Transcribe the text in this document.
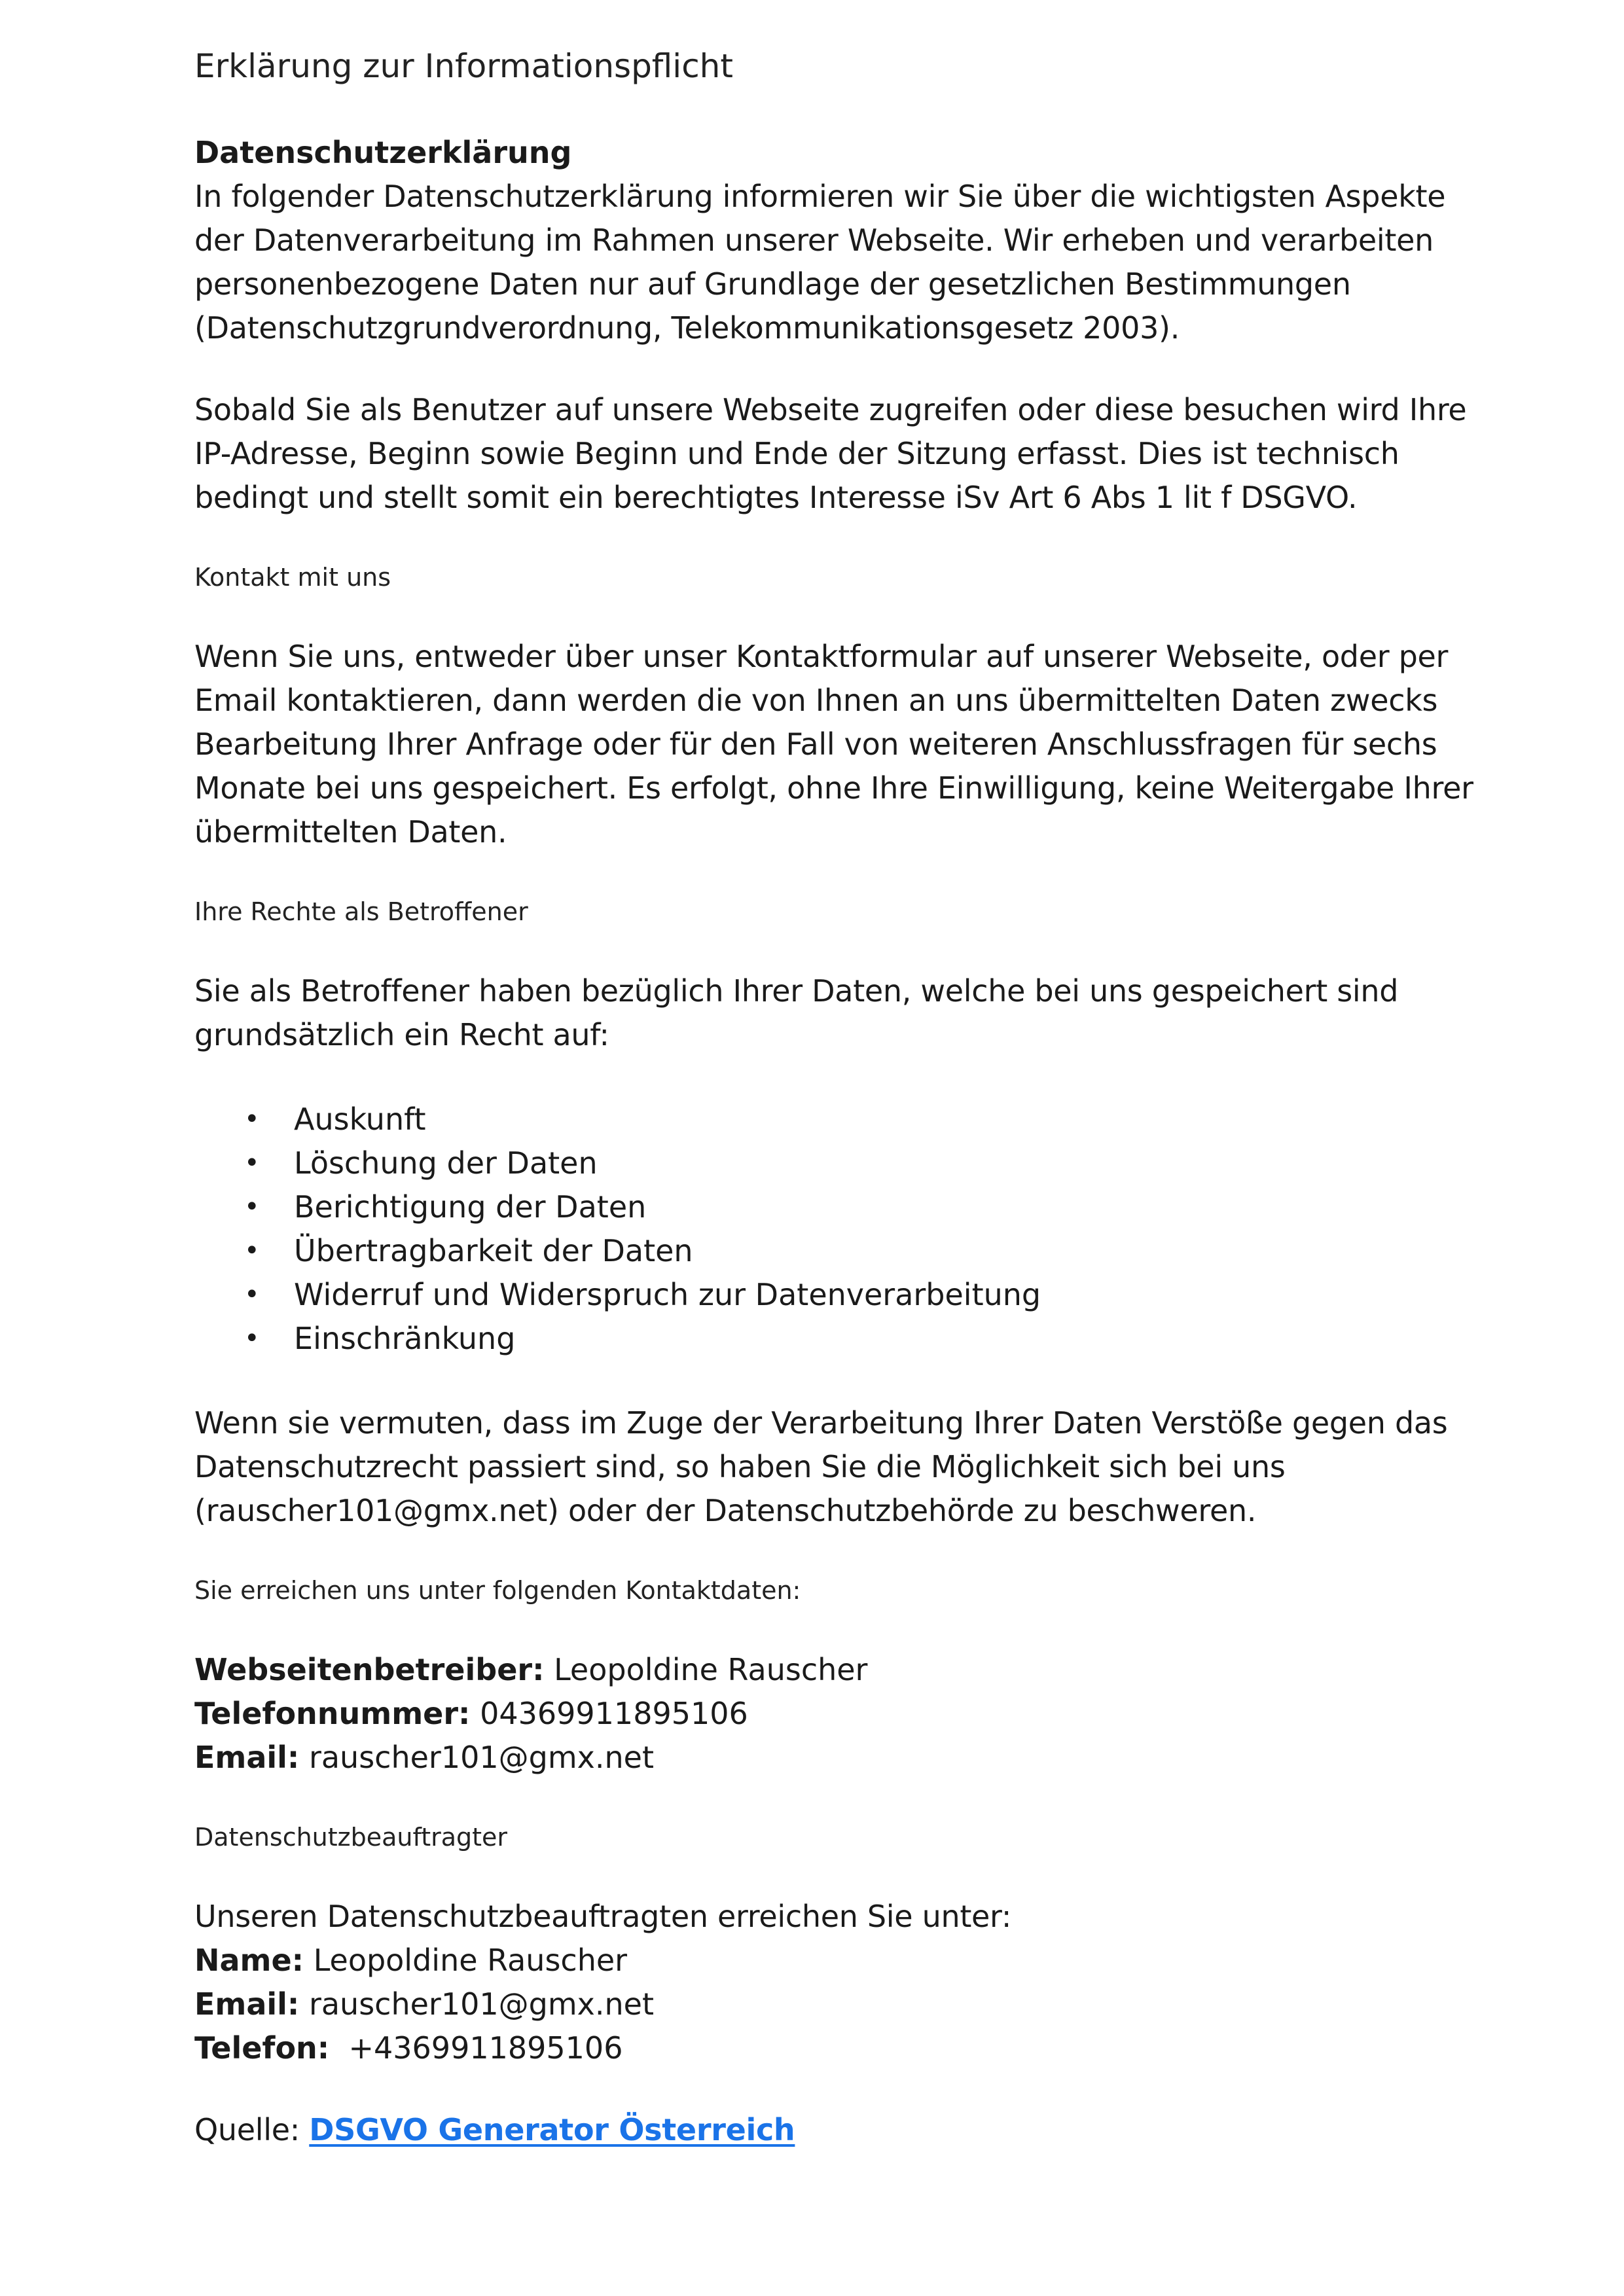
Erklärung zur Informationspflicht

Datenschutzerklärung

In folgender Datenschutzerklärung informieren wir Sie über die wichtigsten Aspekte

der Datenverarbeitung im Rahmen unserer Webseite. Wir erheben und verarbeiten

personenbezogene Daten nur auf Grundlage der gesetzlichen Bestimmungen

(Datenschutzgrundverordnung, Telekommunikationsgesetz 2003).

Sobald Sie als Benutzer auf unsere Webseite zugreifen oder diese besuchen wird Ihre

IP-Adresse, Beginn sowie Beginn und Ende der Sitzung erfasst. Dies ist technisch

bedingt und stellt somit ein berechtigtes Interesse iSv Art 6 Abs 1 lit f DSGVO.

Kontakt mit uns

Wenn Sie uns, entweder über unser Kontaktformular auf unserer Webseite, oder per

Email kontaktieren, dann werden die von Ihnen an uns übermittelten Daten zwecks

Bearbeitung Ihrer Anfrage oder für den Fall von weiteren Anschlussfragen für sechs

Monate bei uns gespeichert. Es erfolgt, ohne Ihre Einwilligung, keine Weitergabe Ihrer

übermittelten Daten.

Ihre Rechte als Betroffener

Sie als Betroffener haben bezüglich Ihrer Daten, welche bei uns gespeichert sind

grundsätzlich ein Recht auf:

• Auskunft
• Löschung der Daten
• Berichtigung der Daten
• Übertragbarkeit der Daten
• Widerruf und Widerspruch zur Datenverarbeitung
• Einschränkung

Wenn sie vermuten, dass im Zuge der Verarbeitung Ihrer Daten Verstöße gegen das

Datenschutzrecht passiert sind, so haben Sie die Möglichkeit sich bei uns

(rauscher101@gmx.net) oder der Datenschutzbehörde zu beschweren.

Sie erreichen uns unter folgenden Kontaktdaten:

Webseitenbetreiber: Leopoldine Rauscher

Telefonnummer: 04369911895106

Email: rauscher101@gmx.net

Datenschutzbeauftragter

Unseren Datenschutzbeauftragten erreichen Sie unter:

Name: Leopoldine Rauscher

Email: rauscher101@gmx.net

Telefon: +4369911895106

Quelle: DSGVO Generator Österreich
